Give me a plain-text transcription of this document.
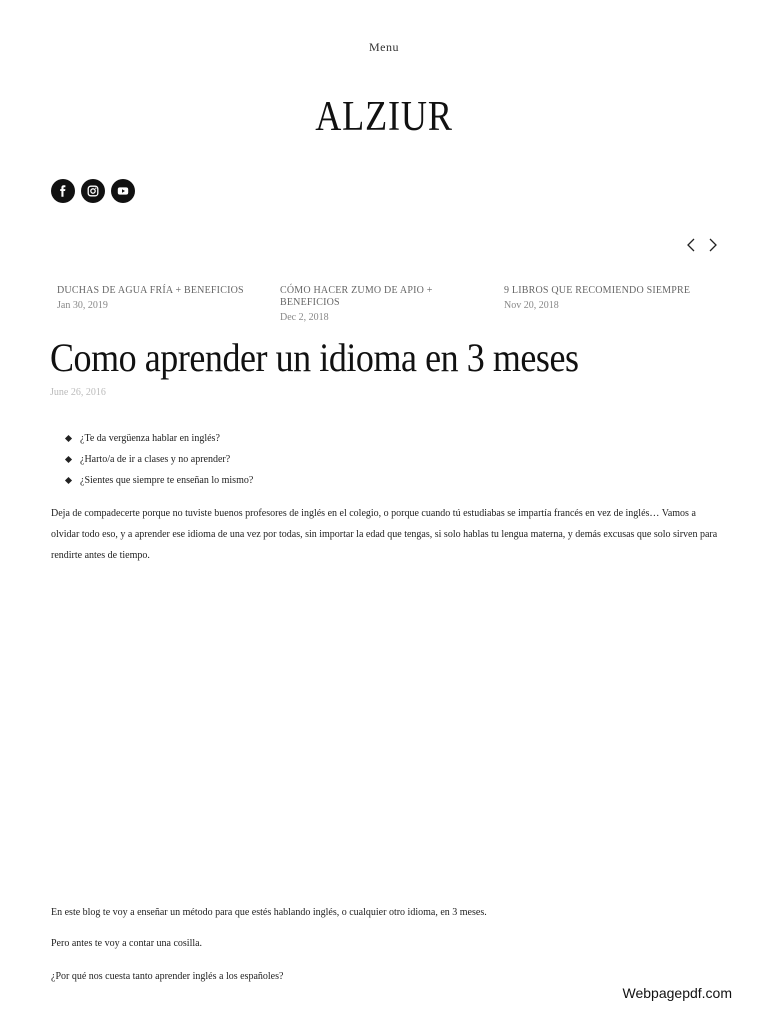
Menu
ALZIUR
DUCHAS DE AGUA FRÍA + BENEFICIOS
Jan 30, 2019
CÓMO HACER ZUMO DE APIO + BENEFICIOS
Dec 2, 2018
9 LIBROS QUE RECOMIENDO SIEMPRE
Nov 20, 2018
Como aprender un idioma en 3 meses
June 26, 2016
¿Te da vergüenza hablar en inglés?
¿Harto/a de ir a clases y no aprender?
¿Sientes que siempre te enseñan lo mismo?

Deja de compadecerte porque no tuviste buenos profesores de inglés en el colegio, o porque cuando tú estudiabas se impartía francés en vez de inglés… Vamos a olvidar todo eso, y a aprender ese idioma de una vez por todas, sin importar la edad que tengas, si solo hablas tu lengua materna, y demás excusas que solo sirven para rendirte antes de tiempo.

En este blog te voy a enseñar un método para que estés hablando inglés, o cualquier otro idioma, en 3 meses.

Pero antes te voy a contar una cosilla.

¿Por qué nos cuesta tanto aprender inglés a los españoles?

Webpagepdf.com
